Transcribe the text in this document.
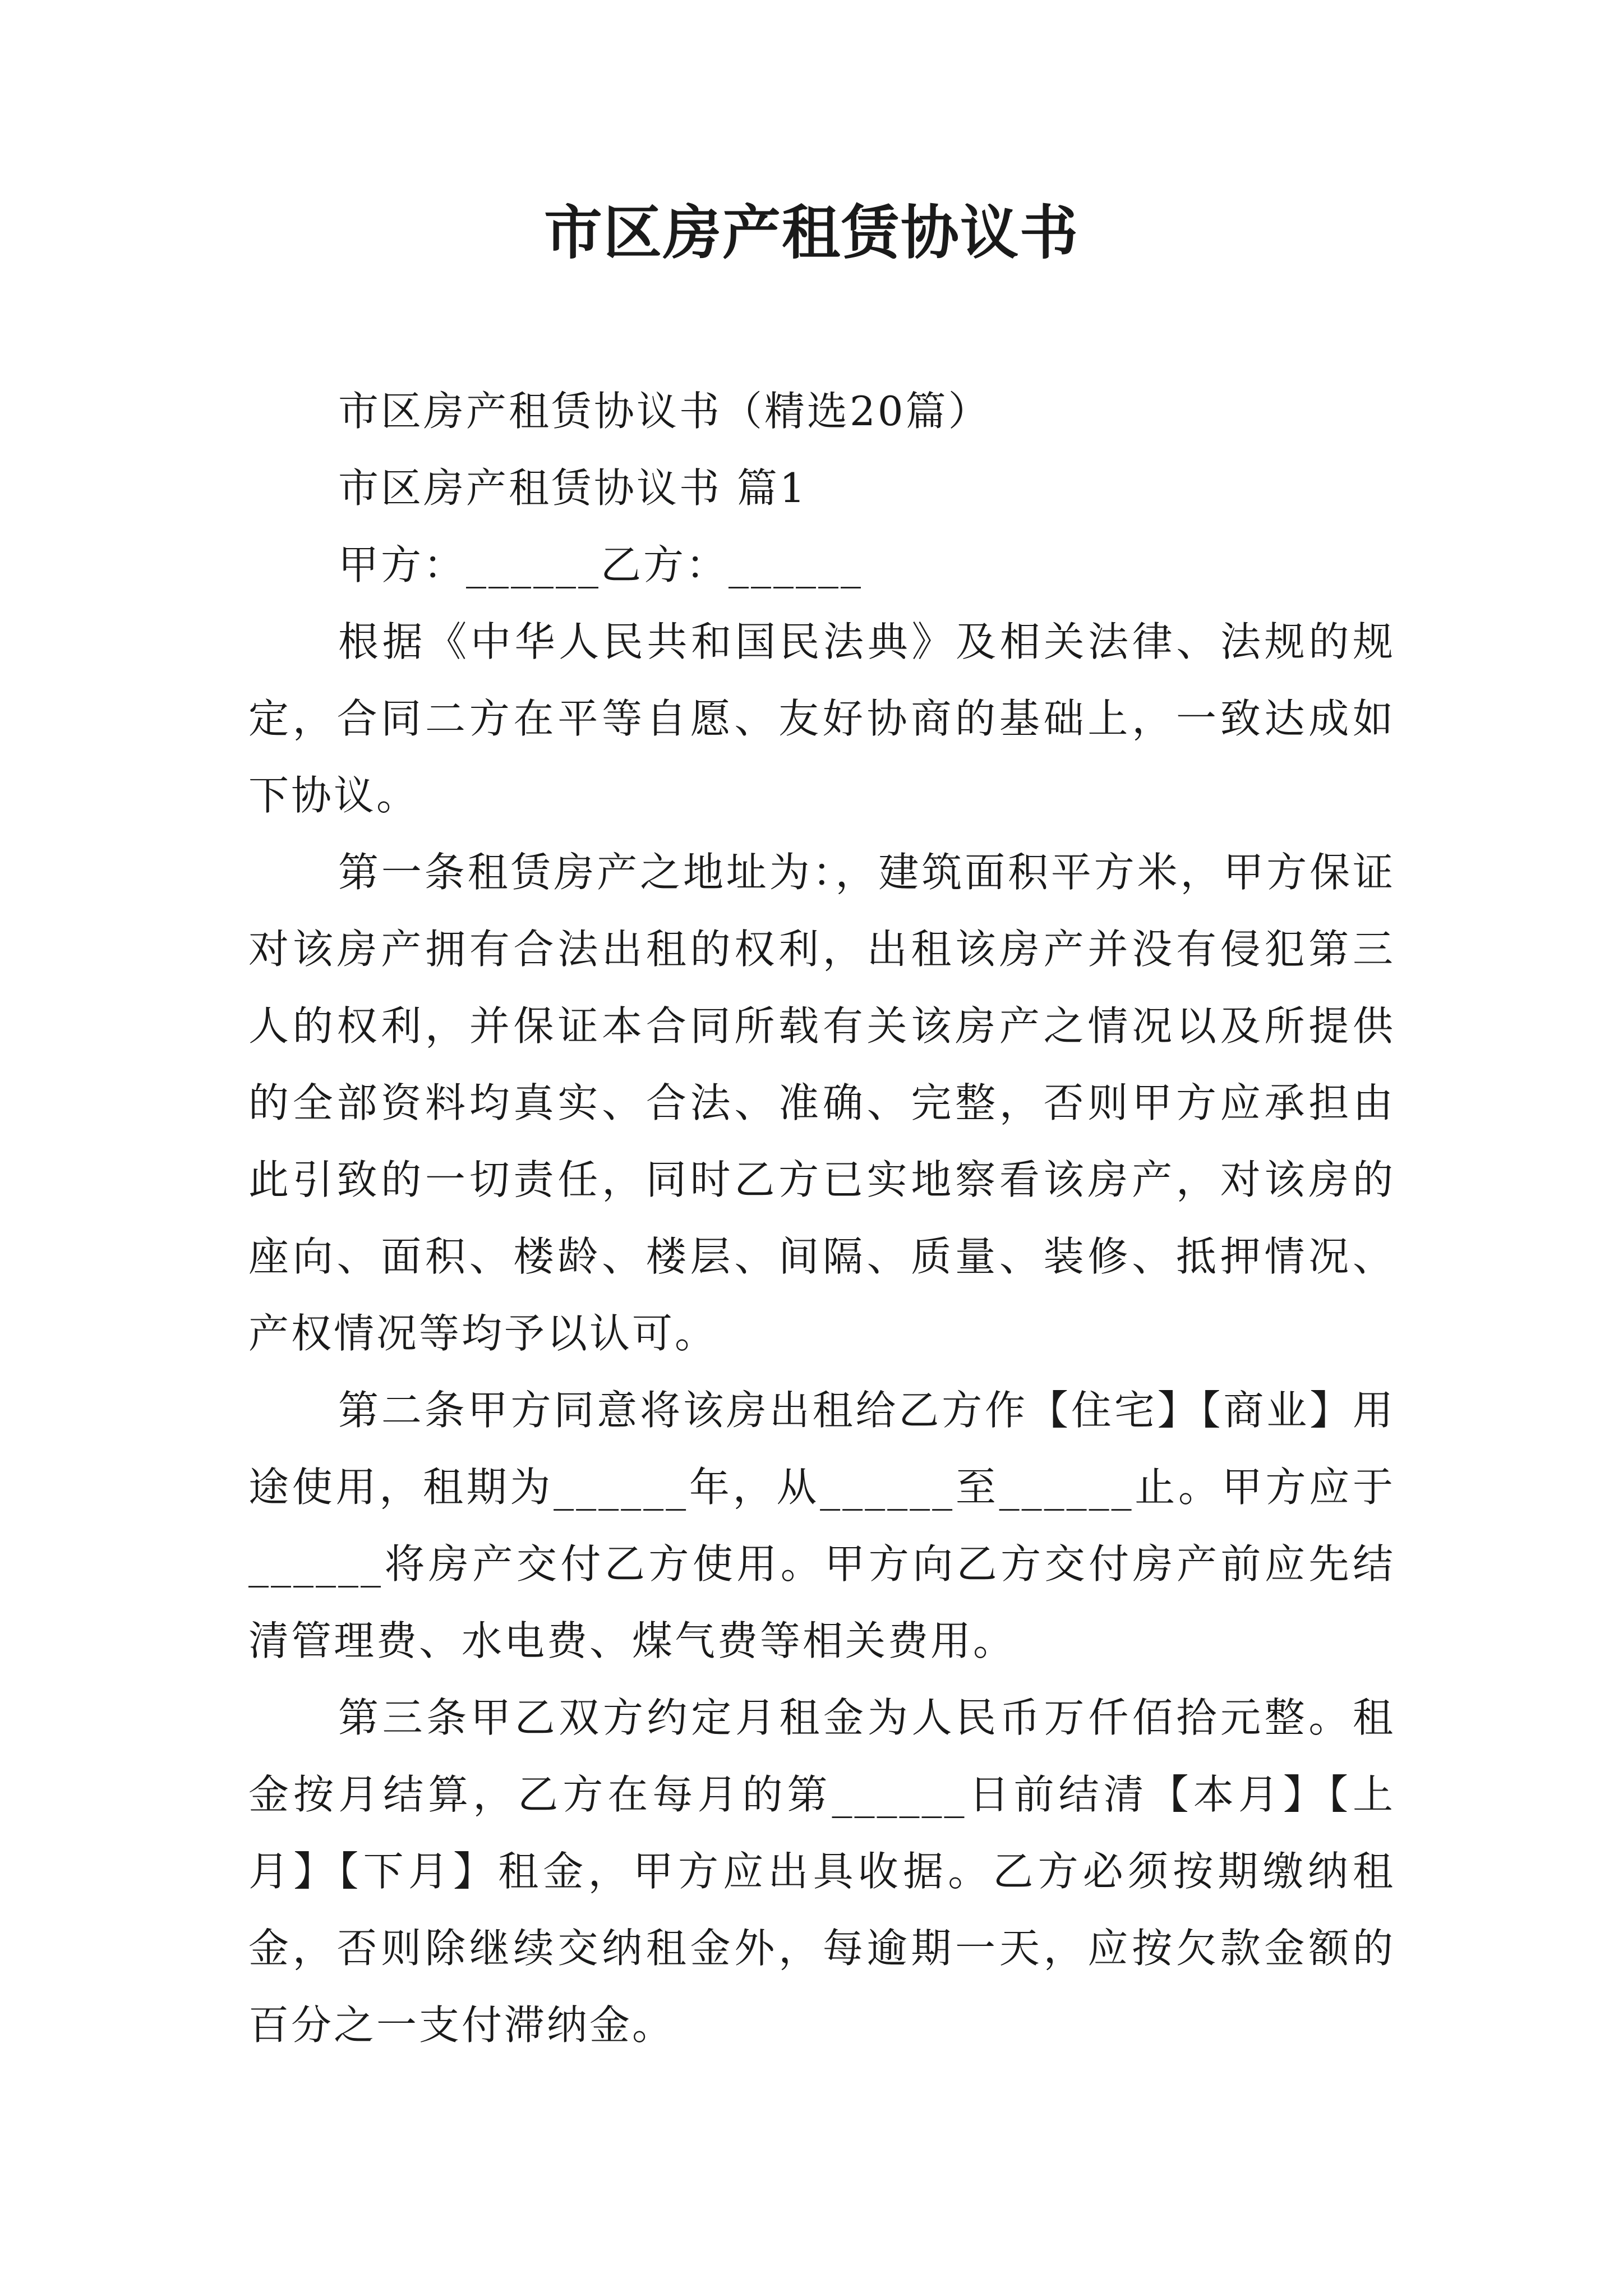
市区房产租赁协议书

市区房产租赁协议书（精选20篇）

市区房产租赁协议书 篇1

甲方：______乙方：______

根据《中华人民共和国民法典》及相关法律、法规的规定，合同二方在平等自愿、友好协商的基础上，一致达成如下协议。

第一条租赁房产之地址为：，建筑面积平方米，甲方保证对该房产拥有合法出租的权利，出租该房产并没有侵犯第三人的权利，并保证本合同所载有关该房产之情况以及所提供的全部资料均真实、合法、准确、完整，否则甲方应承担由此引致的一切责任，同时乙方已实地察看该房产，对该房的座向、面积、楼龄、楼层、间隔、质量、装修、抵押情况、产权情况等均予以认可。

第二条甲方同意将该房出租给乙方作【住宅】【商业】用途使用，租期为______年，从______至______止。甲方应于______将房产交付乙方使用。甲方向乙方交付房产前应先结清管理费、水电费、煤气费等相关费用。

第三条甲乙双方约定月租金为人民币万仟佰拾元整。租金按月结算，乙方在每月的第______日前结清【本月】【上月】【下月】租金，甲方应出具收据。乙方必须按期缴纳租金，否则除继续交纳租金外，每逾期一天，应按欠款金额的百分之一支付滞纳金。
